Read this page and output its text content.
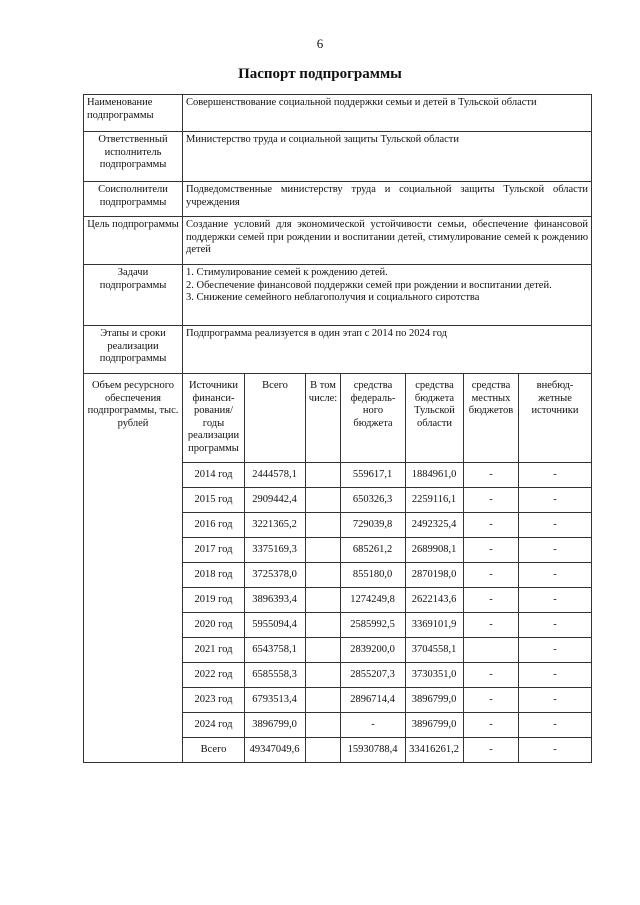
6
Паспорт подпрограммы
Наименование подпрограммы	Совершенствование социальной поддержки семьи и детей в Тульской области						
Ответственный исполнитель подпрограммы	Министерство труда и социальной защиты Тульской области						
Соисполнители подпрограммы	Подведомственные министерству труда и социальной защиты Тульской области учреждения						
Цель подпрограммы	Создание условий для экономической устойчивости семьи, обеспечение финансовой поддержки семей при рождении и воспитании детей, стимулирование семей к рождению детей						
Задачи подпрограммы	1. Стимулирование семей к рождению детей.
2. Обеспечение финансовой поддержки семей при рождении и воспитании детей.
3. Снижение семейного неблагополучия и социального сиротства						

Этапы и сроки реализации подпрограммы	Подпрограмма реализуется в один этап с 2014 по 2024 год						
Объем ресурсного обеспечения подпрограммы, тыс. рублей	Источники финанси-рования/ годы реализации программы	Всего	В том числе:	средства федераль-ного бюджета	средства бюджета Тульской области	средства местных бюджетов	внебюд-жетные источники
	2014 год	2444578,1		559617,1	1884961,0	-	-
	2015 год	2909442,4		650326,3	2259116,1	-	-
	2016 год	3221365,2		729039,8	2492325,4	-	-
	2017 год	3375169,3		685261,2	2689908,1	-	-
	2018 год	3725378,0		855180,0	2870198,0	-	-
	2019 год	3896393,4		1274249,8	2622143,6	-	-
	2020 год	5955094,4		2585992,5	3369101,9	-	-
	2021 год	6543758,1		2839200,0	3704558,1		-
	2022 год	6585558,3		2855207,3	3730351,0	-	-
	2023 год	6793513,4		2896714,4	3896799,0	-	-
	2024 год	3896799,0		-	3896799,0	-	-
	Всего	49347049,6		15930788,4	33416261,2	-	-
